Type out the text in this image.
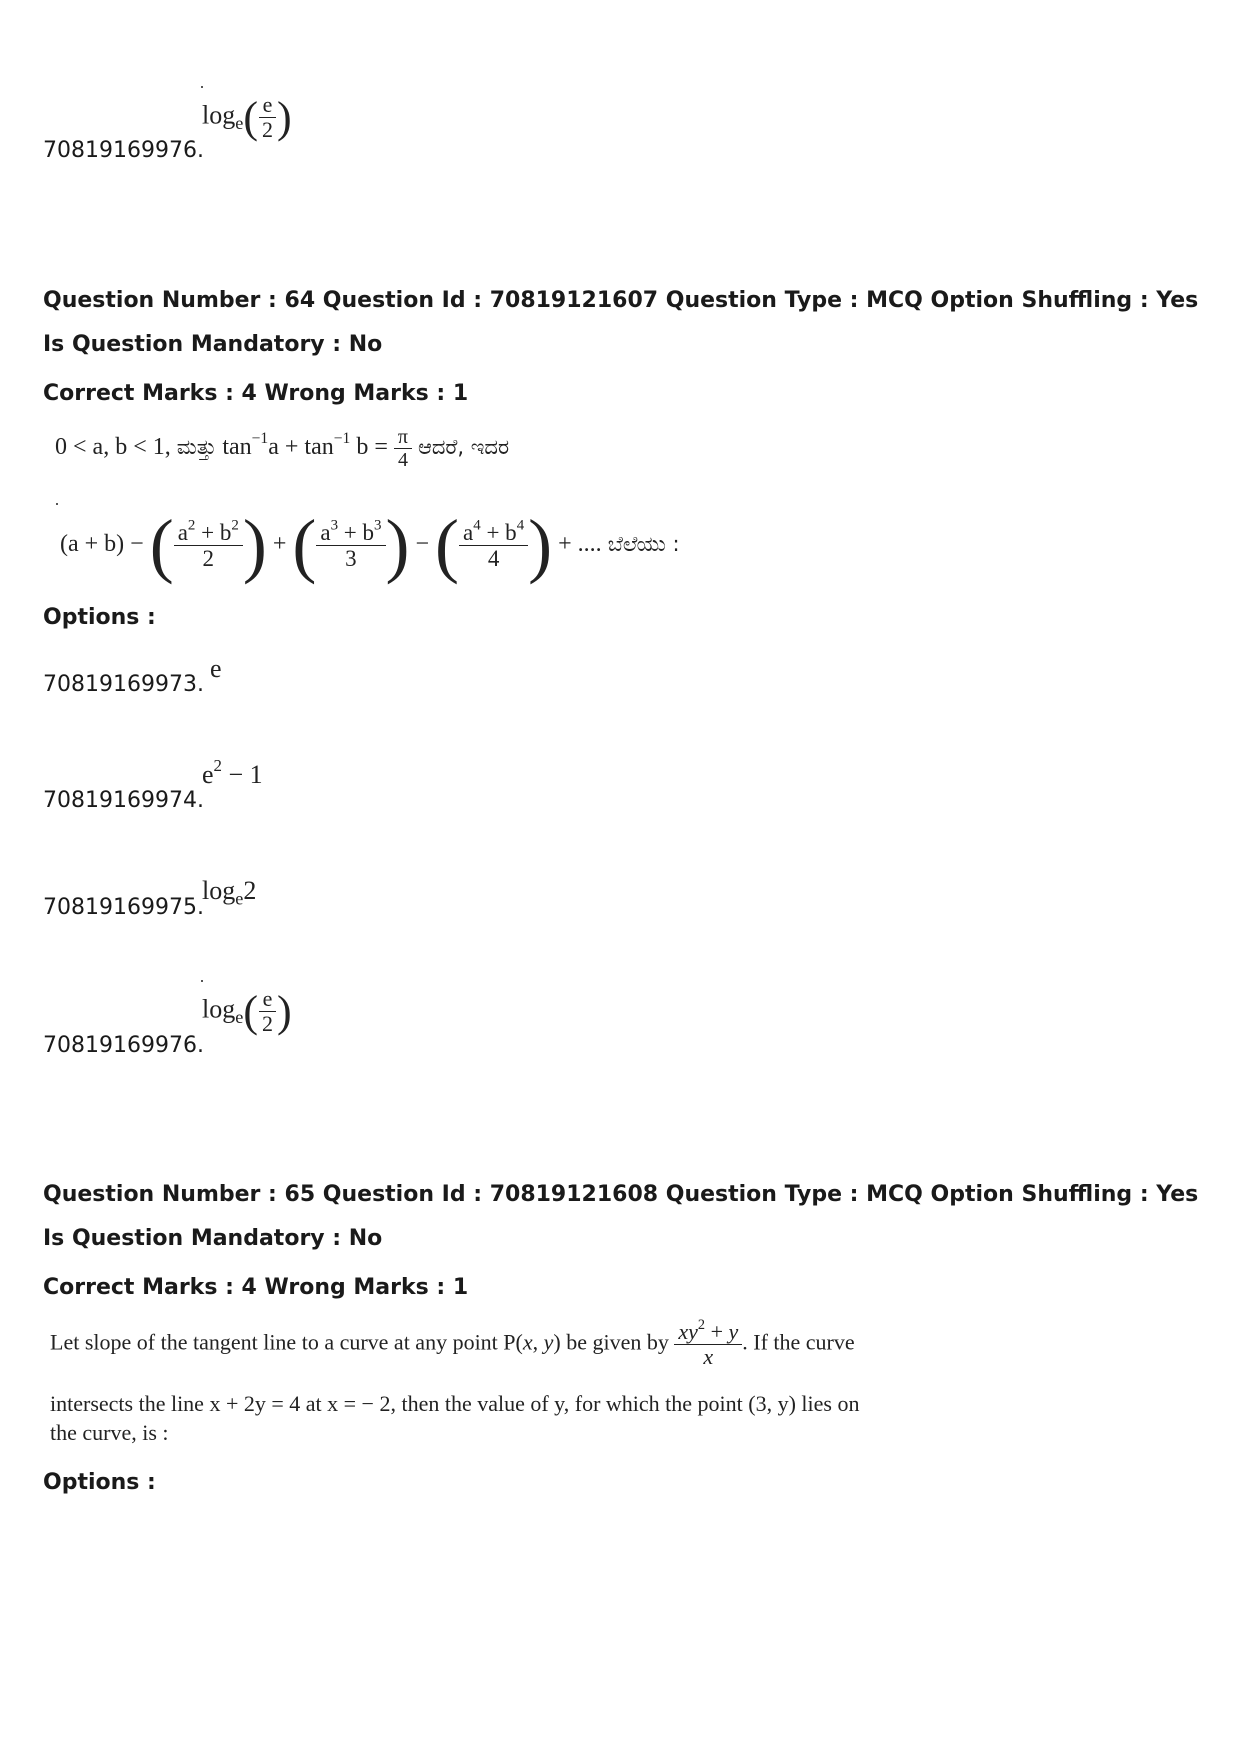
$\log_e( \frac{e}{2}$ )
70819169976.
Question Number : 64 Question Id : 70819121607 Question Type : MCQ Option Shuffling : Yes
Is Question Mandatory : No
Correct Marks : 4 Wrong Marks : 1
0 < a, b < 1, ಮತ್ತು $\tan^{-1}a + \tan^{-1} b = \frac{\pi}{4}$ ಆದರೆ, ಇದರ
(a + b) − ( $\frac{a^2 + b^2}{2}$ ) + ( $\frac{a^3 + b^3}{3}$ ) − ( $\frac{a^4 + b^4}{4}$ ) + .... ಬೆಲೆಯು :
Options :
e
70819169973.
$e^2 - 1$
70819169974.
$\log_e2$
70819169975.
$\log_e( \frac{e}{2}$ )
70819169976.
Question Number : 65 Question Id : 70819121608 Question Type : MCQ Option Shuffling : Yes
Is Question Mandatory : No
Correct Marks : 4 Wrong Marks : 1
Let slope of the tangent line to a curve at any point P(x, y) be given by $\frac{xy^2 + y}{x}$ . If the curve
intersects the line x + 2y = 4 at x = − 2, then the value of y, for which the point (3, y) lies on
the curve, is :
Options :
